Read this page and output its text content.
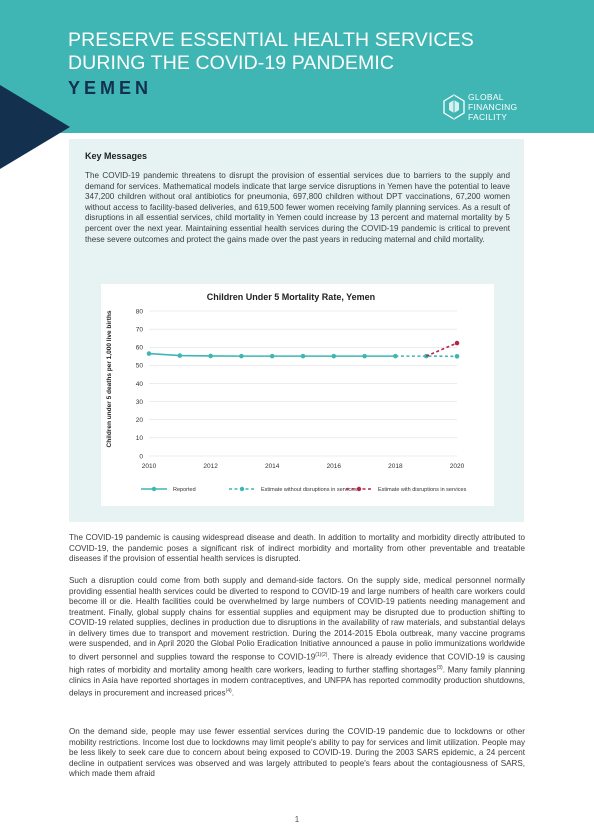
PRESERVE ESSENTIAL HEALTH SERVICES
DURING THE COVID-19 PANDEMIC
YEMEN	GLOBAL
FINANCING
FACILITY
Key Messages
The COVID-19 pandemic threatens to disrupt the provision of essential services due to barriers to the supply and demand for services. Mathematical models indicate that large service disruptions in Yemen have the potential to leave 347,200 children without oral antibiotics for pneumonia, 697,800 children without DPT vaccinations, 67,200 women without access to facility-based deliveries, and 619,500 fewer women receiving family planning services. As a result of disruptions in all essential services, child mortality in Yemen could increase by 13 percent and maternal mortality by 5 percent over the next year. Maintaining essential health services during the COVID-19 pandemic is critical to prevent these severe outcomes and protect the gains made over the past years in reducing maternal and child mortality.
Children Under 5 Mortality Rate, Yemen
Children under 5 deaths per 1,000 live births
0
10
20
30
40
50
60
70
80
2010	2012	2014	2016	2018	2020
Reported	Estimate without disruptions in services	Estimate with disruptions in services
The COVID-19 pandemic is causing widespread disease and death. In addition to mortality and morbidity directly attributed to COVID-19, the pandemic poses a significant risk of indirect morbidity and mortality from other preventable and treatable diseases if the provision of essential health services is disrupted.
Such a disruption could come from both supply and demand-side factors. On the supply side, medical personnel normally providing essential health services could be diverted to respond to COVID-19 and large numbers of health care workers could become ill or die. Health facilities could be overwhelmed by large numbers of COVID-19 patients needing management and treatment. Finally, global supply chains for essential supplies and equipment may be disrupted due to production shifting to COVID-19 related supplies, declines in production due to disruptions in the availability of raw materials, and substantial delays in delivery times due to transport and movement restriction. During the 2014-2015 Ebola outbreak, many vaccine programs were suspended, and in April 2020 the Global Polio Eradication Initiative announced a pause in polio immunizations worldwide to divert personnel and supplies toward the response to COVID-$19^{(1)(2)}$. There is already evidence that COVID-19 is causing high rates of morbidity and mortality among health care workers, leading to further staffing shortages$^{(3)}$. Many family planning clinics in Asia have reported shortages in modern contraceptives, and UNFPA has reported commodity production shutdowns, delays in procurement and increased prices$^{(4)}$.
On the demand side, people may use fewer essential services during the COVID-19 pandemic due to lockdowns or other mobility restrictions. Income lost due to lockdowns may limit people's ability to pay for services and limit utilization. People may be less likely to seek care due to concern about being exposed to COVID-19. During the 2003 SARS epidemic, a 24 percent decline in outpatient services was observed and was largely attributed to people's fears about the contagiousness of SARS, which made them afraid
1
